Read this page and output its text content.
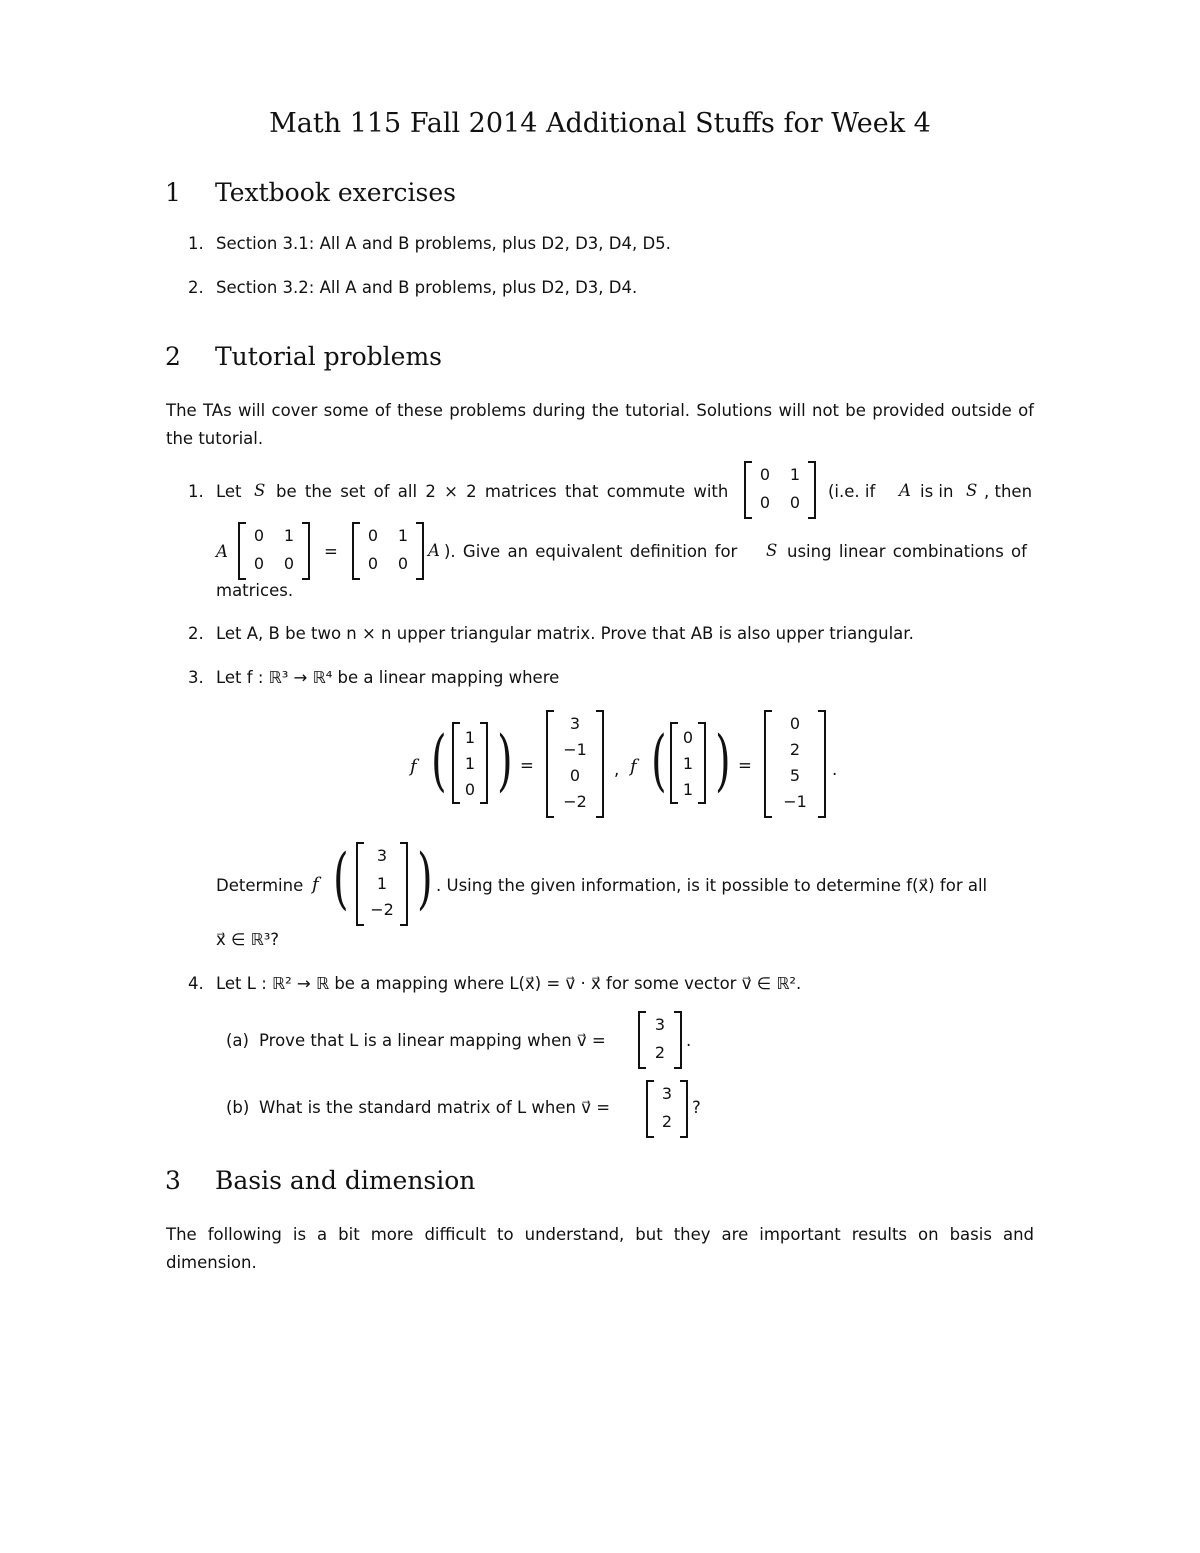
Math 115 Fall 2014 Additional Stuffs for Week 4
1 Textbook exercises
1. Section 3.1: All A and B problems, plus D2, D3, D4, D5.
2. Section 3.2: All A and B problems, plus D2, D3, D4.
2 Tutorial problems
The TAs will cover some of these problems during the tutorial. Solutions will not be provided outside of the tutorial.
1. Let S be the set of all 2 × 2 matrices that commute with
0	1
0	0
(i.e. if A is in S , then
A
0	1
0	0
=
0	1
0	0
A ). Give an equivalent definition for S using linear combinations of
matrices.
2. Let A, B be two n × n upper triangular matrix. Prove that AB is also upper triangular.
3. Let f : ℝ³ → ℝ⁴ be a linear mapping where
f (	1
1
0 ) =
3
−1
0
−2
, f (	0
1
1 ) =
0
2
5
−1
.
Determine f (	3
1
−2 ) . Using the given information, is it possible to determine f(x⃗) for all
x⃗ ∈ ℝ³?
4. Let L : ℝ² → ℝ be a mapping where L(x⃗) = v⃗ · x⃗ for some vector v⃗ ∈ ℝ².
(a) Prove that L is a linear mapping when v⃗ =
3
2
.
(b) What is the standard matrix of L when v⃗ =
3
2
?
3 Basis and dimension
The following is a bit more difficult to understand, but they are important results on basis and dimension.
